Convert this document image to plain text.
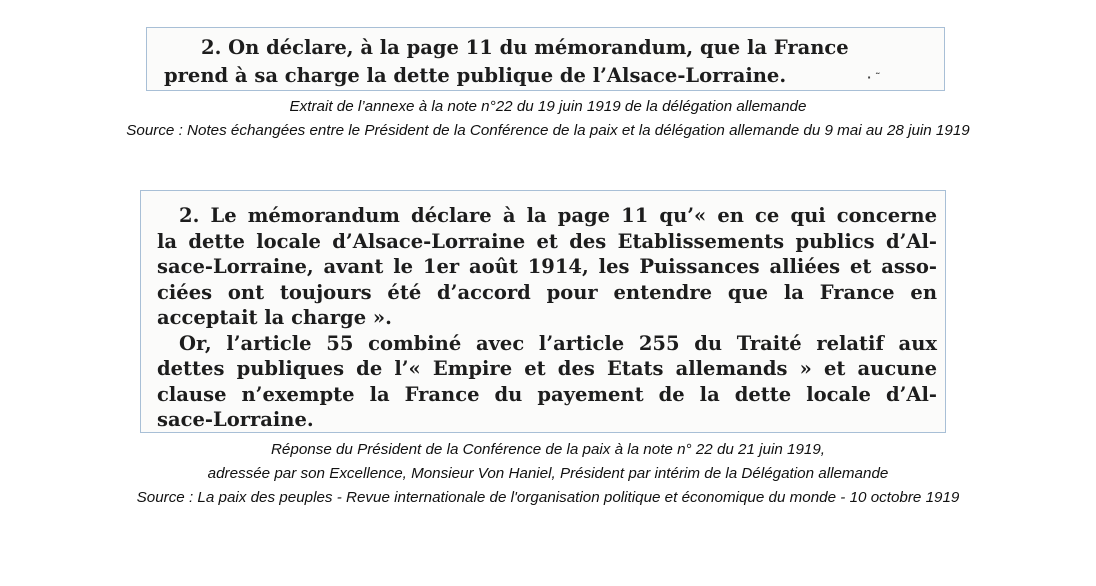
2. On déclare, à la page 11 du mémorandum, que la France
prend à sa charge la dette publique de l’Alsace-Lorraine.	· ˜

Extrait de l’annexe à la note n°22 du 19 juin 1919 de la délégation allemande

Source : Notes échangées entre le Président de la Conférence de la paix et la délégation allemande du 9 mai au 28 juin 1919

2. Le mémorandum déclare à la page 11 qu’« en ce qui concerne
la dette locale d’Alsace-Lorraine et des Etablissements publics d’Al-
sace-Lorraine, avant le 1er août 1914, les Puissances alliées et asso-
ciées ont toujours été d’accord pour entendre que la France en
acceptait la charge ».
Or, l’article 55 combiné avec l’article 255 du Traité relatif aux
dettes publiques de l’« Empire et des Etats allemands » et aucune
clause n’exempte la France du payement de la dette locale d’Al-
sace-Lorraine.

Réponse du Président de la Conférence de la paix à la note n° 22 du 21 juin 1919,

adressée par son Excellence, Monsieur Von Haniel, Président par intérim de la Délégation allemande

Source : La paix des peuples - Revue internationale de l'organisation politique et économique du monde - 10 octobre 1919
